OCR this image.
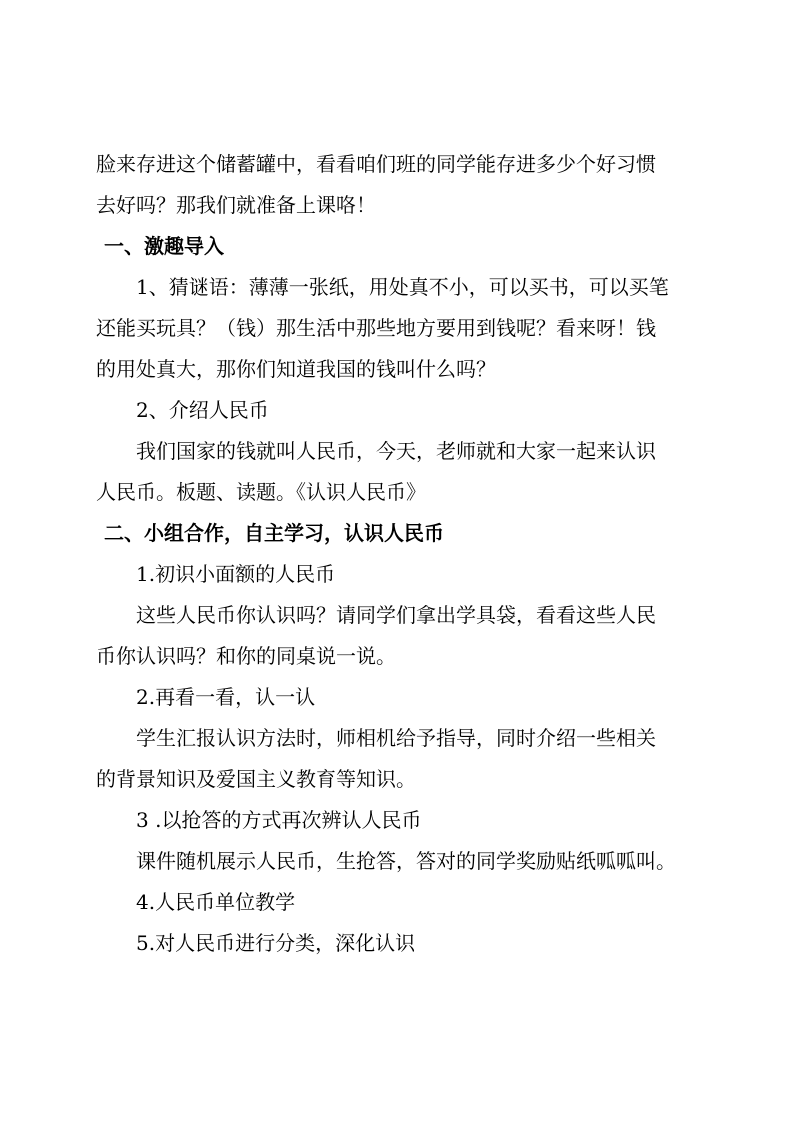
脸来存进这个储蓄罐中，看看咱们班的同学能存进多少个好习惯
去好吗？那我们就准备上课咯！
一、激趣导入
1、猜谜语：薄薄一张纸，用处真不小，可以买书，可以买笔
还能买玩具？（钱）那生活中那些地方要用到钱呢？看来呀！钱
的用处真大，那你们知道我国的钱叫什么吗？
2、介绍人民币
我们国家的钱就叫人民币，今天，老师就和大家一起来认识
人民币。板题、读题。《认识人民币》
二、小组合作，自主学习，认识人民币
1.初识小面额的人民币
这些人民币你认识吗？请同学们拿出学具袋，看看这些人民
币你认识吗？和你的同桌说一说。
2.再看一看，认一认
学生汇报认识方法时，师相机给予指导，同时介绍一些相关
的背景知识及爱国主义教育等知识。
3 .以抢答的方式再次辨认人民币
课件随机展示人民币，生抢答，答对的同学奖励贴纸呱呱叫。
4.人民币单位教学
5.对人民币进行分类，深化认识
